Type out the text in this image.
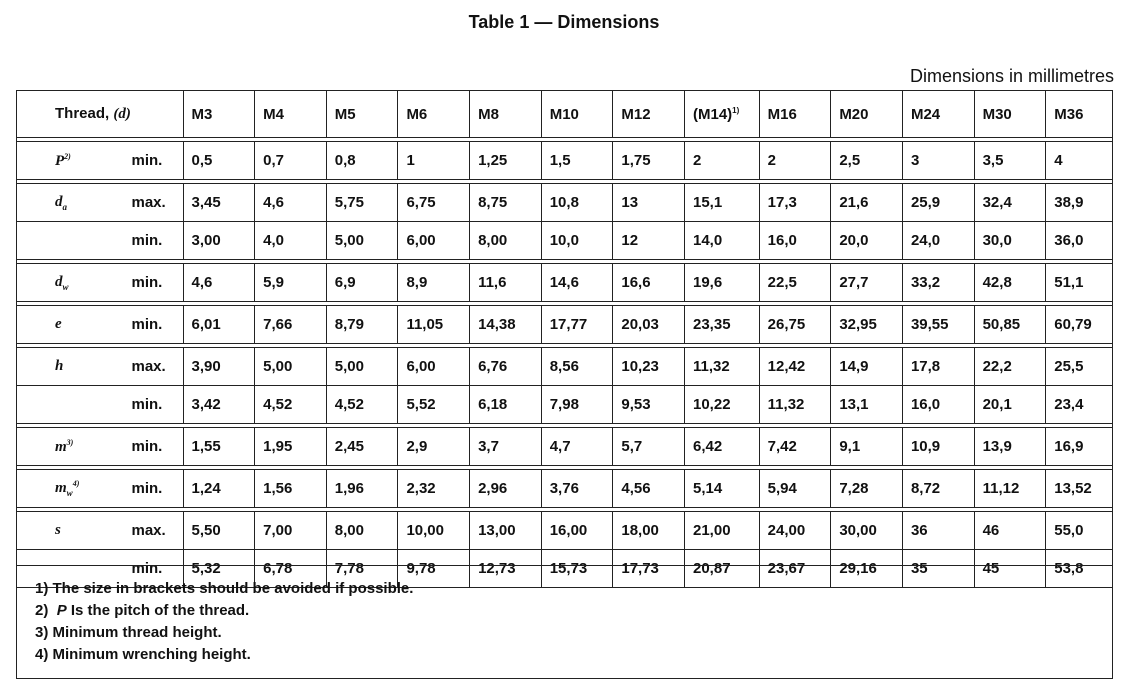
Table 1 — Dimensions
Dimensions in millimetres
Thread, (d)		M3	M4	M5	M6	M8	M10	M12	$(M14)^{1)}$	M16	M20	M24	M30	M36

$P^{2)}$	min.	0,5	0,7	0,8	1	1,25	1,5	1,75	2	2	2,5	3	3,5	4

$d_a$	max.	3,45	4,6	5,75	6,75	8,75	10,8	13	15,1	17,3	21,6	25,9	32,4	38,9
	min.	3,00	4,0	5,00	6,00	8,00	10,0	12	14,0	16,0	20,0	24,0	30,0	36,0

$d_w$	min.	4,6	5,9	6,9	8,9	11,6	14,6	16,6	19,6	22,5	27,7	33,2	42,8	51,1

e	min.	6,01	7,66	8,79	11,05	14,38	17,77	20,03	23,35	26,75	32,95	39,55	50,85	60,79

h	max.	3,90	5,00	5,00	6,00	6,76	8,56	10,23	11,32	12,42	14,9	17,8	22,2	25,5
	min.	3,42	4,52	4,52	5,52	6,18	7,98	9,53	10,22	11,32	13,1	16,0	20,1	23,4

$m^{3)}$	min.	1,55	1,95	2,45	2,9	3,7	4,7	5,7	6,42	7,42	9,1	10,9	13,9	16,9

$m_w^{4)}$	min.	1,24	1,56	1,96	2,32	2,96	3,76	4,56	5,14	5,94	7,28	8,72	11,12	13,52

s	max.	5,50	7,00	8,00	10,00	13,00	16,00	18,00	21,00	24,00	30,00	36	46	55,0
	min.	5,32	6,78	7,78	9,78	12,73	15,73	17,73	20,87	23,67	29,16	35	45	53,8
1) The size in brackets should be avoided if possible.
2) P Is the pitch of the thread.
3) Minimum thread height.
4) Minimum wrenching height.
